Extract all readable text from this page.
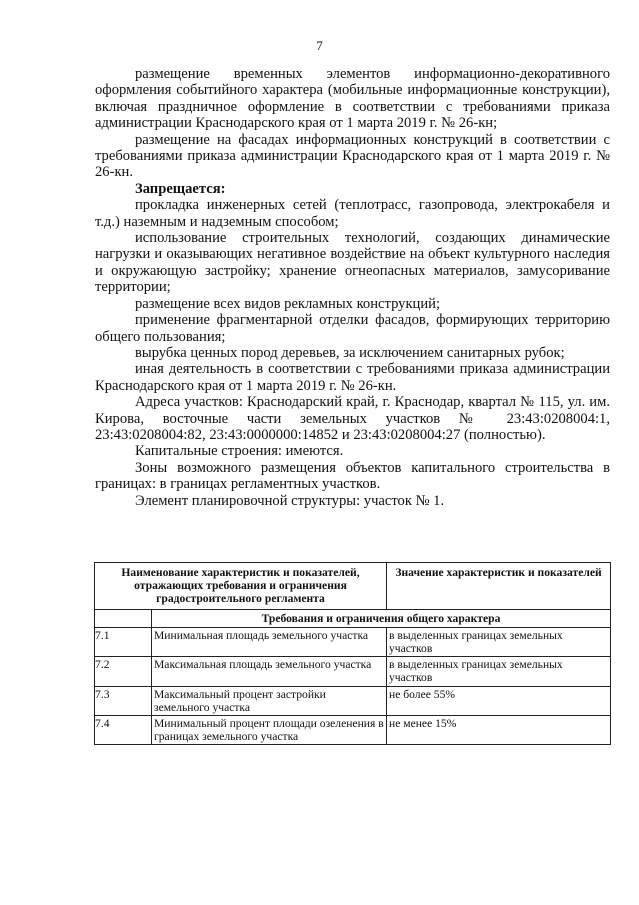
7

размещение временных элементов информационно-декоративного оформления событийного характера (мобильные информационные конструкции), включая праздничное оформление в соответствии с требованиями приказа администрации Краснодарского края от 1 марта 2019 г. № 26-кн;

размещение на фасадах информационных конструкций в соответствии с требованиями приказа администрации Краснодарского края от 1 марта 2019 г. № 26-кн.

Запрещается:

прокладка инженерных сетей (теплотрасс, газопровода, электрокабеля и т.д.) наземным и надземным способом;

использование строительных технологий, создающих динамические нагрузки и оказывающих негативное воздействие на объект культурного наследия и окружающую застройку; хранение огнеопасных материалов, замусоривание территории;

размещение всех видов рекламных конструкций;

применение фрагментарной отделки фасадов, формирующих территорию общего пользования;

вырубка ценных пород деревьев, за исключением санитарных рубок;

иная деятельность в соответствии с требованиями приказа администрации Краснодарского края от 1 марта 2019 г. № 26-кн.

Адреса участков: Краснодарский край, г. Краснодар, квартал № 115, ул. им. Кирова, восточные части земельных участков № 23:43:0208004:1, 23:43:0208004:82, 23:43:0000000:14852 и 23:43:0208004:27 (полностью).

Капитальные строения: имеются.

Зоны возможного размещения объектов капитального строительства в границах: в границах регламентных участков.

Элемент планировочной структуры: участок № 1.

Наименование характеристик и показателей, отражающих требования и ограничения градостроительного регламента		Значение характеристик и показателей
	Требования и ограничения общего характера	
7.1	Минимальная площадь земельного участка	в выделенных границах земельных участков
7.2	Максимальная площадь земельного участка	в выделенных границах земельных участков
7.3	Максимальный процент застройки земельного участка	не более 55%
7.4	Минимальный процент площади озеленения в границах земельного участка	не менее 15%
